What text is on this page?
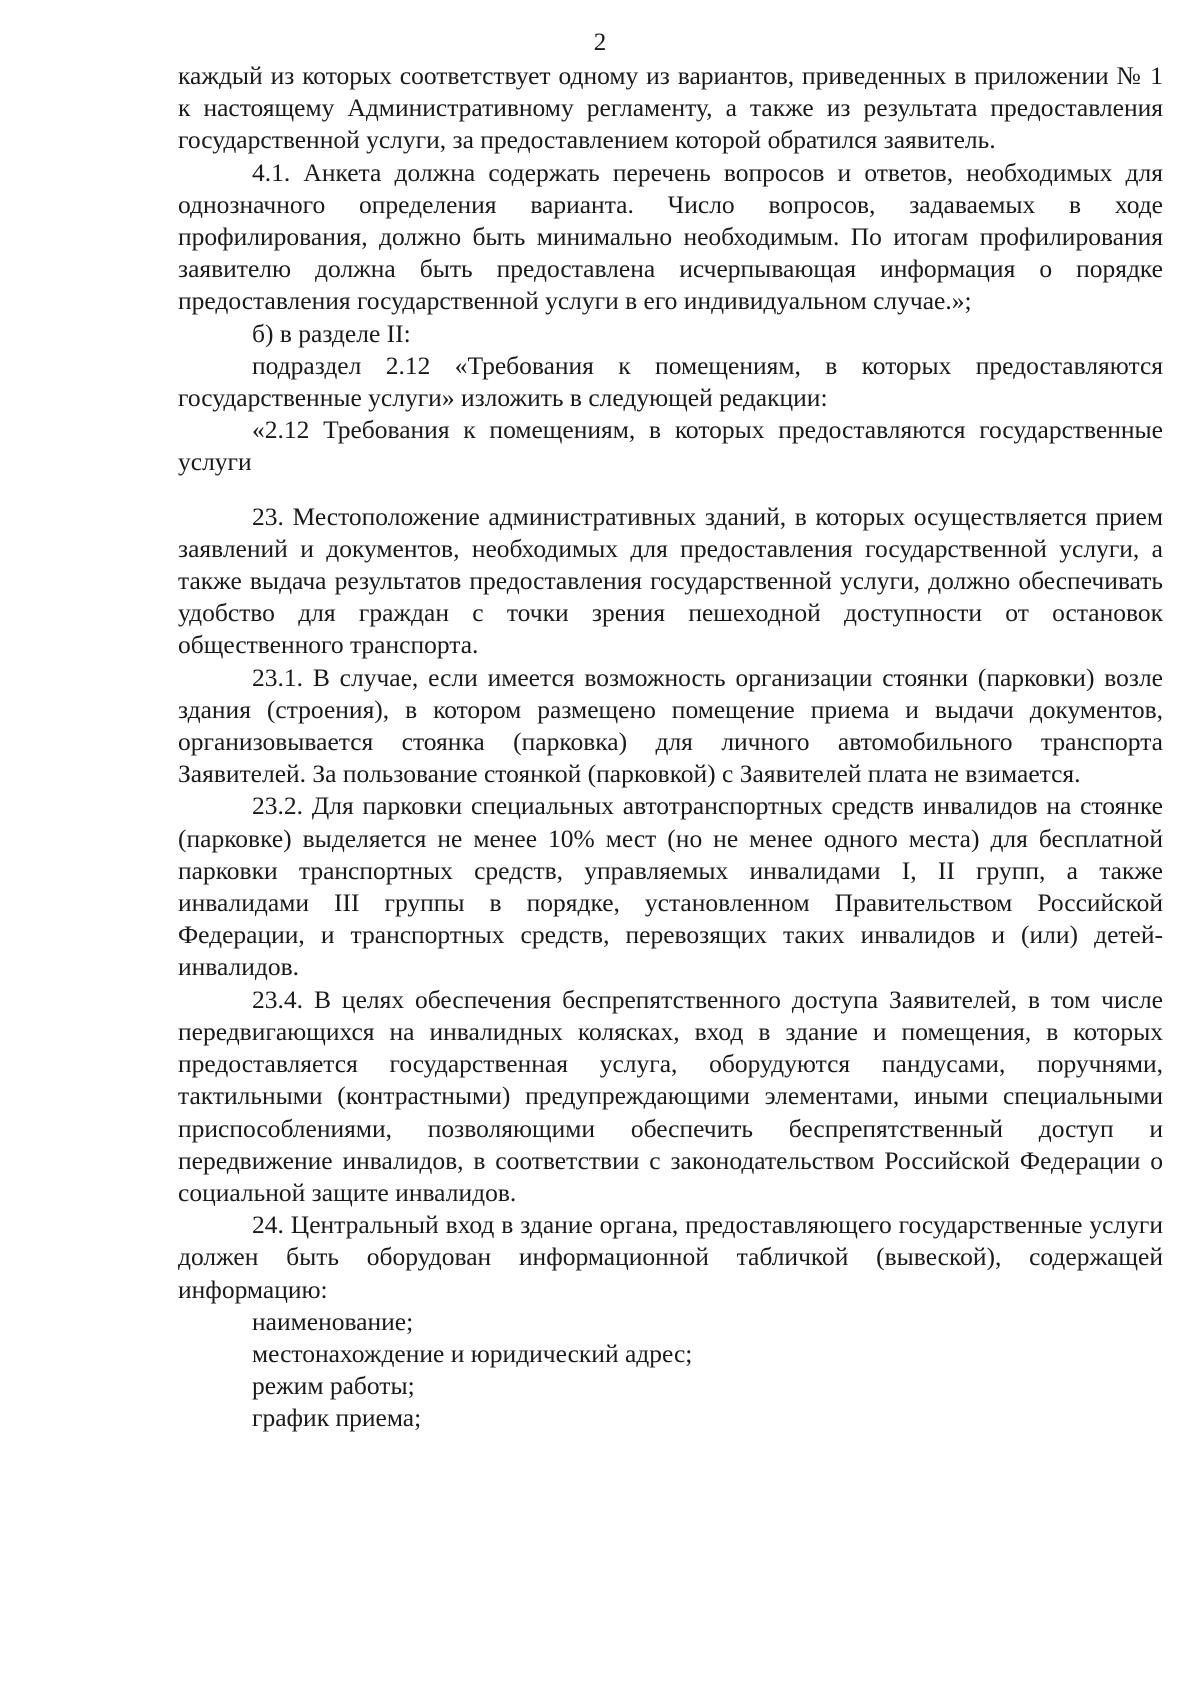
2

каждый из которых соответствует одному из вариантов, приведенных в приложении № 1 к настоящему Административному регламенту, а также из результата предоставления государственной услуги, за предоставлением которой обратился заявитель.

4.1. Анкета должна содержать перечень вопросов и ответов, необходимых для однозначного определения варианта. Число вопросов, задаваемых в ходе профилирования, должно быть минимально необходимым. По итогам профилирования заявителю должна быть предоставлена исчерпывающая информация о порядке предоставления государственной услуги в его индивидуальном случае.»;

б) в разделе II:

подраздел 2.12 «Требования к помещениям, в которых предоставляются государственные услуги» изложить в следующей редакции:

«2.12 Требования к помещениям, в которых предоставляются государственные услуги

23. Местоположение административных зданий, в которых осуществляется прием заявлений и документов, необходимых для предоставления государственной услуги, а также выдача результатов предоставления государственной услуги, должно обеспечивать удобство для граждан с точки зрения пешеходной доступности от остановок общественного транспорта.

23.1. В случае, если имеется возможность организации стоянки (парковки) возле здания (строения), в котором размещено помещение приема и выдачи документов, организовывается стоянка (парковка) для личного автомобильного транспорта Заявителей. За пользование стоянкой (парковкой) с Заявителей плата не взимается.

23.2. Для парковки специальных автотранспортных средств инвалидов на стоянке (парковке) выделяется не менее 10% мест (но не менее одного места) для бесплатной парковки транспортных средств, управляемых инвалидами I, II групп, а также инвалидами III группы в порядке, установленном Правительством Российской Федерации, и транспортных средств, перевозящих таких инвалидов и (или) детей-инвалидов.

23.4. В целях обеспечения беспрепятственного доступа Заявителей, в том числе передвигающихся на инвалидных колясках, вход в здание и помещения, в которых предоставляется государственная услуга, оборудуются пандусами, поручнями, тактильными (контрастными) предупреждающими элементами, иными специальными приспособлениями, позволяющими обеспечить беспрепятственный доступ и передвижение инвалидов, в соответствии с законодательством Российской Федерации о социальной защите инвалидов.

24. Центральный вход в здание органа, предоставляющего государственные услуги должен быть оборудован информационной табличкой (вывеской), содержащей информацию:

наименование;

местонахождение и юридический адрес;

режим работы;

график приема;
